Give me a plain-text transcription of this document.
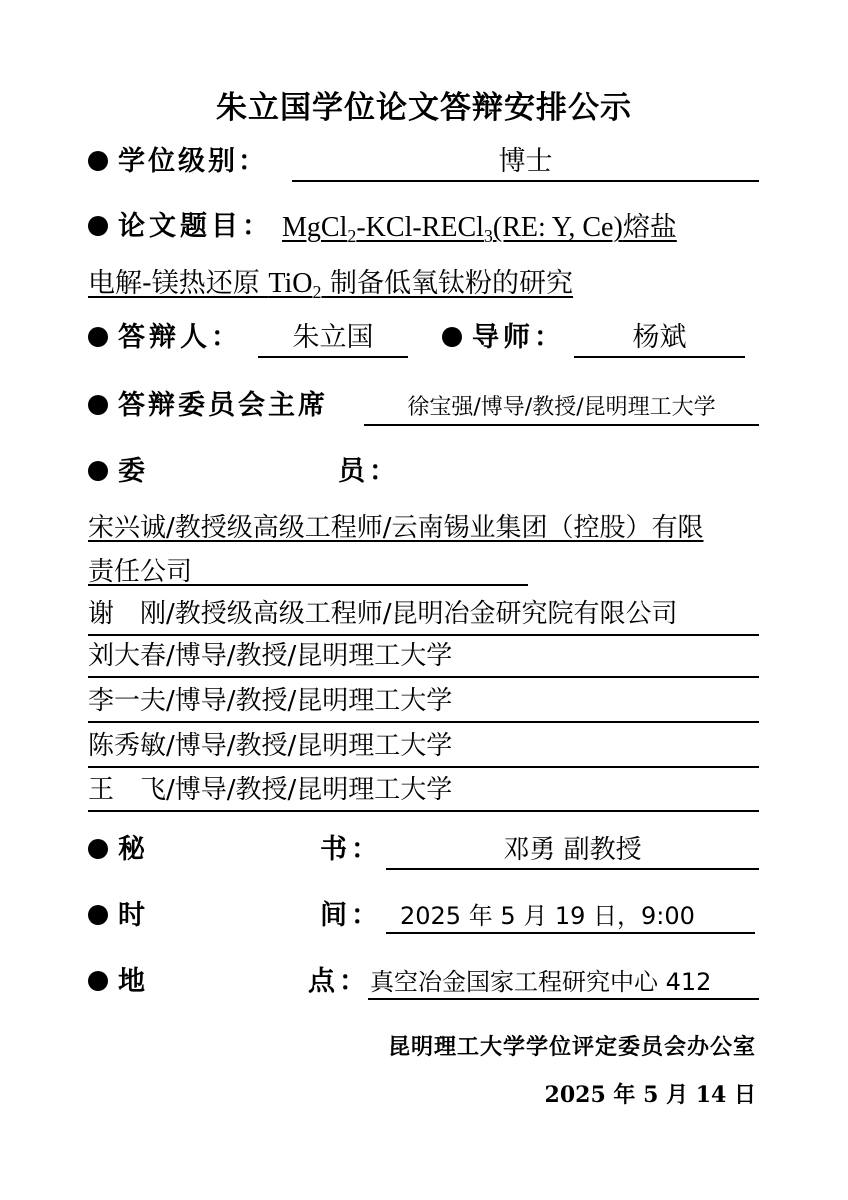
朱立国学位论文答辩安排公示
学位级别：	博士
论文题目： MgCl$_2$-KCl-RECl$_3$(RE: Y, Ce)熔盐
电解-镁热还原 TiO$_2$ 制备低氧钛粉的研究
答辩人：	朱立国	导师：	杨斌
答辩委员会主席	徐宝强/博导/教授/昆明理工大学
委	员：
宋兴诚/教授级高级工程师/云南锡业集团（控股）有限
责任公司
谢　刚/教授级高级工程师/昆明冶金研究院有限公司
刘大春/博导/教授/昆明理工大学
李一夫/博导/教授/昆明理工大学
陈秀敏/博导/教授/昆明理工大学
王　飞/博导/教授/昆明理工大学
秘	书：	邓勇 副教授
时	间： 2025 年 5 月 19 日，9:00
地	点： 真空冶金国家工程研究中心 412
昆明理工大学学位评定委员会办公室
2025 年 5 月 14 日
